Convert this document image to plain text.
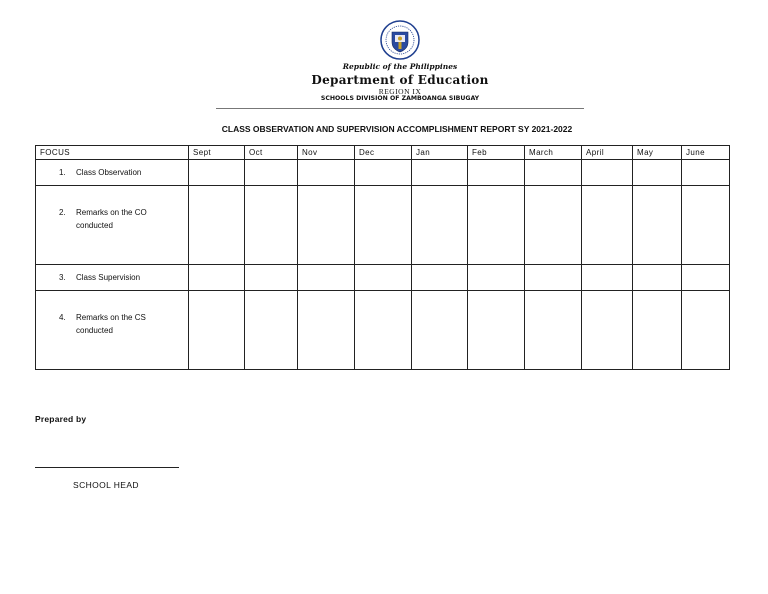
Republic of the Philippines
Department of Education
REGION IX
SCHOOLS DIVISION OF ZAMBOANGA SIBUGAY
CLASS OBSERVATION AND SUPERVISION ACCOMPLISHMENT REPORT SY 2021-2022
FOCUS	Sept	Oct	Nov	Dec	Jan	Feb	March	April	May	June

1. Class Observation										

2. Remarks on the CO conducted										

3. Class Supervision										

4. Remarks on the CS conducted										

Prepared by
SCHOOL HEAD
